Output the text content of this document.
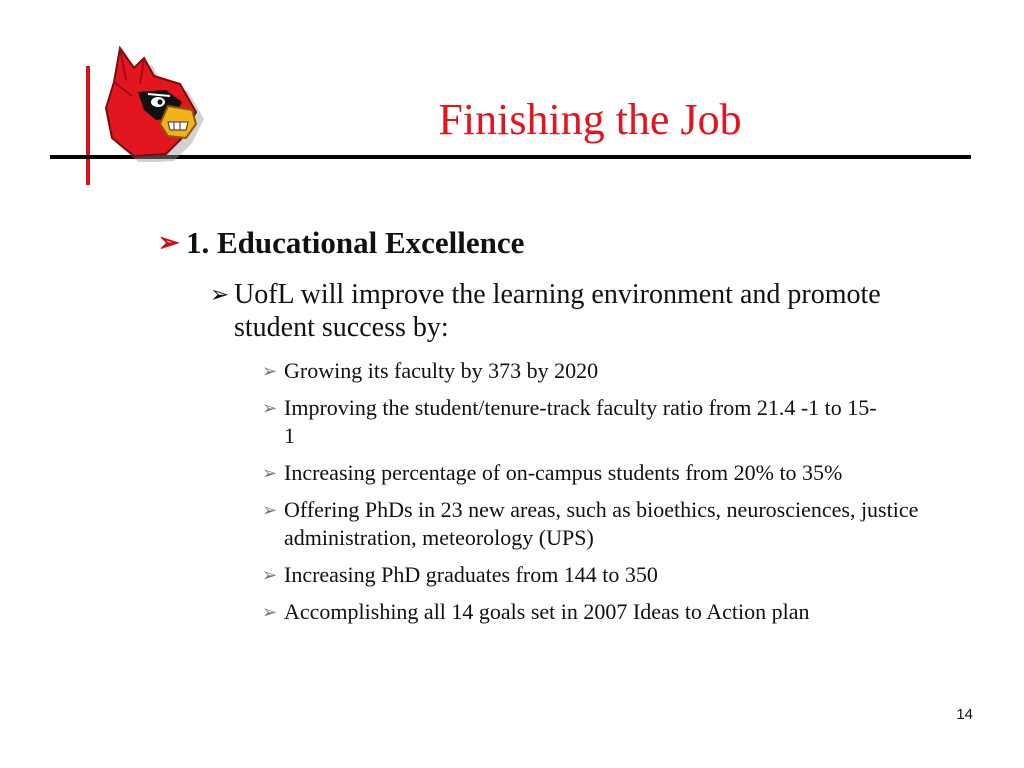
Finishing the Job
➢ 1. Educational Excellence
➢ UofL will improve the learning environment and promote student success by:
➢ Growing its faculty by 373 by 2020
➢ Improving the student/tenure-track faculty ratio from 21.4 -1 to 15-1
➢ Increasing percentage of on-campus students from 20% to 35%
➢ Offering PhDs in 23 new areas, such as bioethics, neurosciences, justice administration, meteorology (UPS)
➢ Increasing PhD graduates from 144 to 350
➢ Accomplishing all 14 goals set in 2007 Ideas to Action plan
14
